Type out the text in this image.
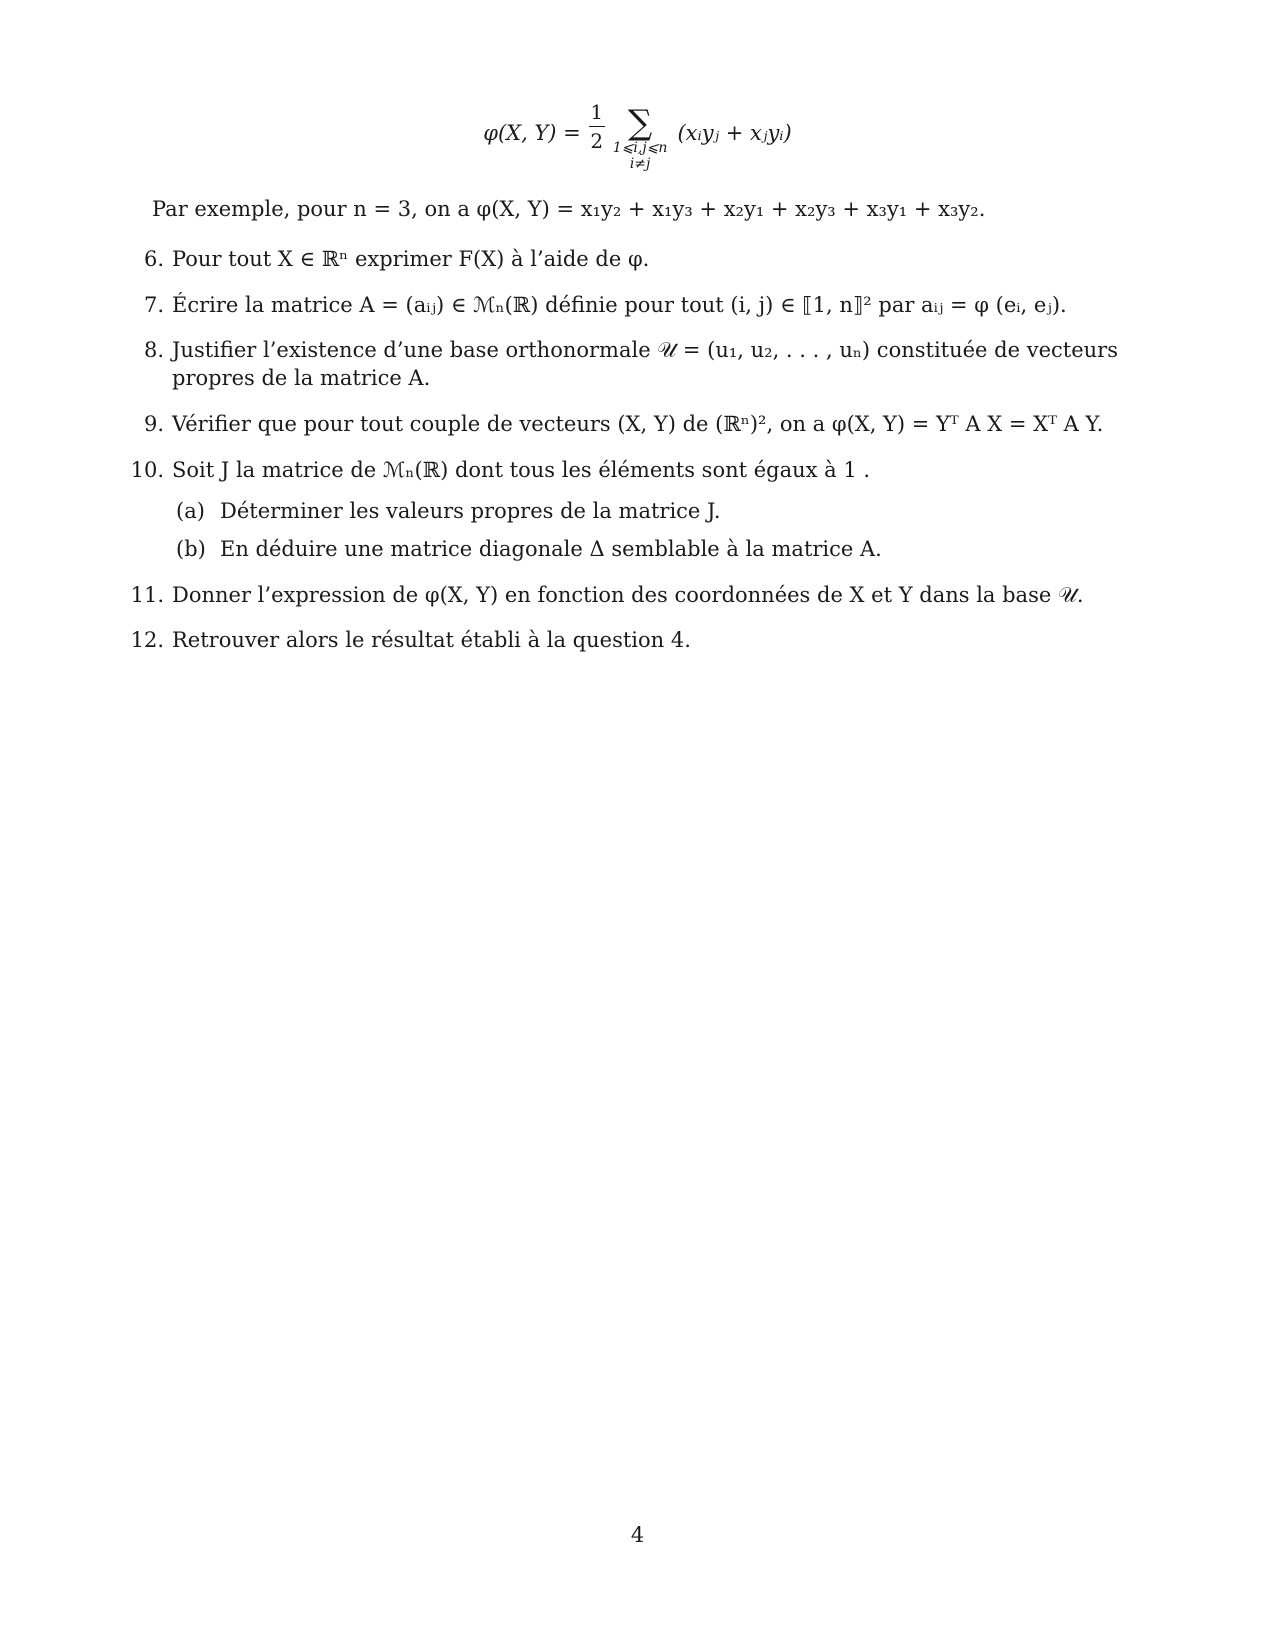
φ(X, $Y) = \frac{1}{2}$ ∑
1⩽i,j⩽n
i≠j
(xᵢyⱼ + xⱼyᵢ)

Par exemple, pour n = 3, on a φ(X, Y) = x₁y₂ + x₁y₃ + x₂y₁ + x₂y₃ + x₃y₁ + x₃y₂.

6. Pour tout X ∈ ℝⁿ exprimer F(X) à l’aide de φ.
7. Écrire la matrice A = (aᵢⱼ) ∈ ℳₙ(ℝ) définie pour tout (i, j) ∈ ⟦1, n⟧² par aᵢⱼ = φ (eᵢ, eⱼ).
8. Justifier l’existence d’une base orthonormale 𝒰 = (u₁, u₂, . . . , uₙ) constituée de vecteurs propres de la matrice A.
9. Vérifier que pour tout couple de vecteurs (X, Y) de (ℝⁿ)², on a φ(X, Y) = Yᵀ A X = Xᵀ A Y.
10. Soit J la matrice de ℳₙ(ℝ) dont tous les éléments sont égaux à 1 .
(a) Déterminer les valeurs propres de la matrice J.
(b) En déduire une matrice diagonale Δ semblable à la matrice A.
11. Donner l’expression de φ(X, Y) en fonction des coordonnées de X et Y dans la base 𝒰.
12. Retrouver alors le résultat établi à la question 4.
4
